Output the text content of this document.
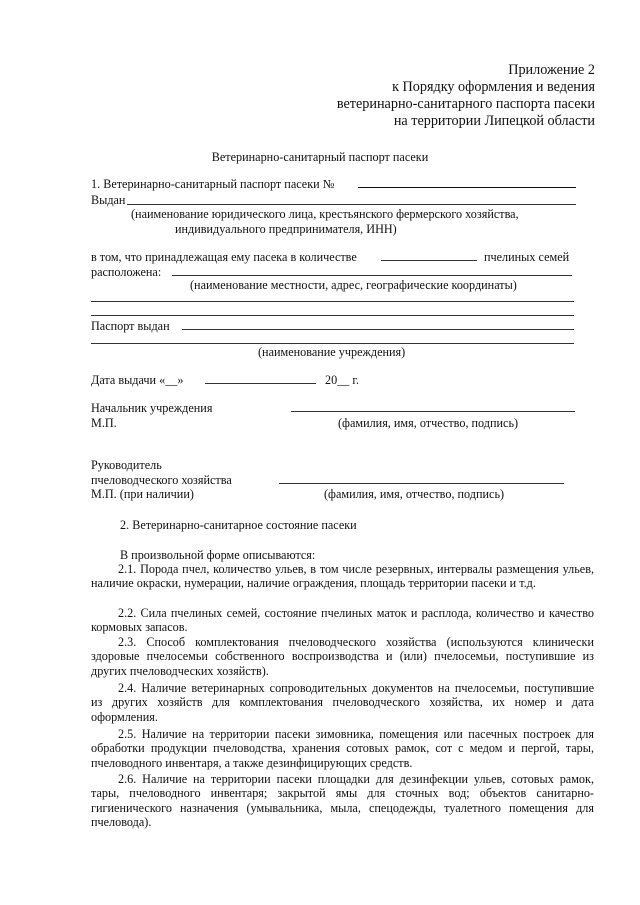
Приложение 2
к Порядку оформления и ведения
ветеринарно-санитарного паспорта пасеки
на территории Липецкой области
Ветеринарно-санитарный паспорт пасеки
1. Ветеринарно-санитарный паспорт пасеки №
Выдан
(наименование юридического лица, крестьянского фермерского хозяйства,
индивидуального предпринимателя, ИНН)
в том, что принадлежащая ему пасека в количестве	пчелиных семей
расположена:
(наименование местности, адрес, географические координаты)
Паспорт выдан
(наименование учреждения)
Дата выдачи «__»	20__ г.
Начальник учреждения
М.П.	(фамилия, имя, отчество, подпись)
Руководитель
пчеловодческого хозяйства
М.П. (при наличии)	(фамилия, имя, отчество, подпись)
2. Ветеринарно-санитарное состояние пасеки
В произвольной форме описываются:
2.1. Порода пчел, количество ульев, в том числе резервных, интервалы размещения ульев, наличие окраски, нумерации, наличие ограждения, площадь территории пасеки и т.д.
2.2. Сила пчелиных семей, состояние пчелиных маток и расплода, количество и качество кормовых запасов.
2.3. Способ комплектования пчеловодческого хозяйства (используются клинически здоровые пчелосемьи собственного воспроизводства и (или) пчелосемьи, поступившие из других пчеловодческих хозяйств).
2.4. Наличие ветеринарных сопроводительных документов на пчелосемьи, поступившие из других хозяйств для комплектования пчеловодческого хозяйства, их номер и дата оформления.
2.5. Наличие на территории пасеки зимовника, помещения или пасечных построек для обработки продукции пчеловодства, хранения сотовых рамок, сот с медом и пергой, тары, пчеловодного инвентаря, а также дезинфицирующих средств.
2.6. Наличие на территории пасеки площадки для дезинфекции ульев, сотовых рамок, тары, пчеловодного инвентаря; закрытой ямы для сточных вод; объектов санитарно-гигиенического назначения (умывальника, мыла, спецодежды, туалетного помещения для пчеловода).
